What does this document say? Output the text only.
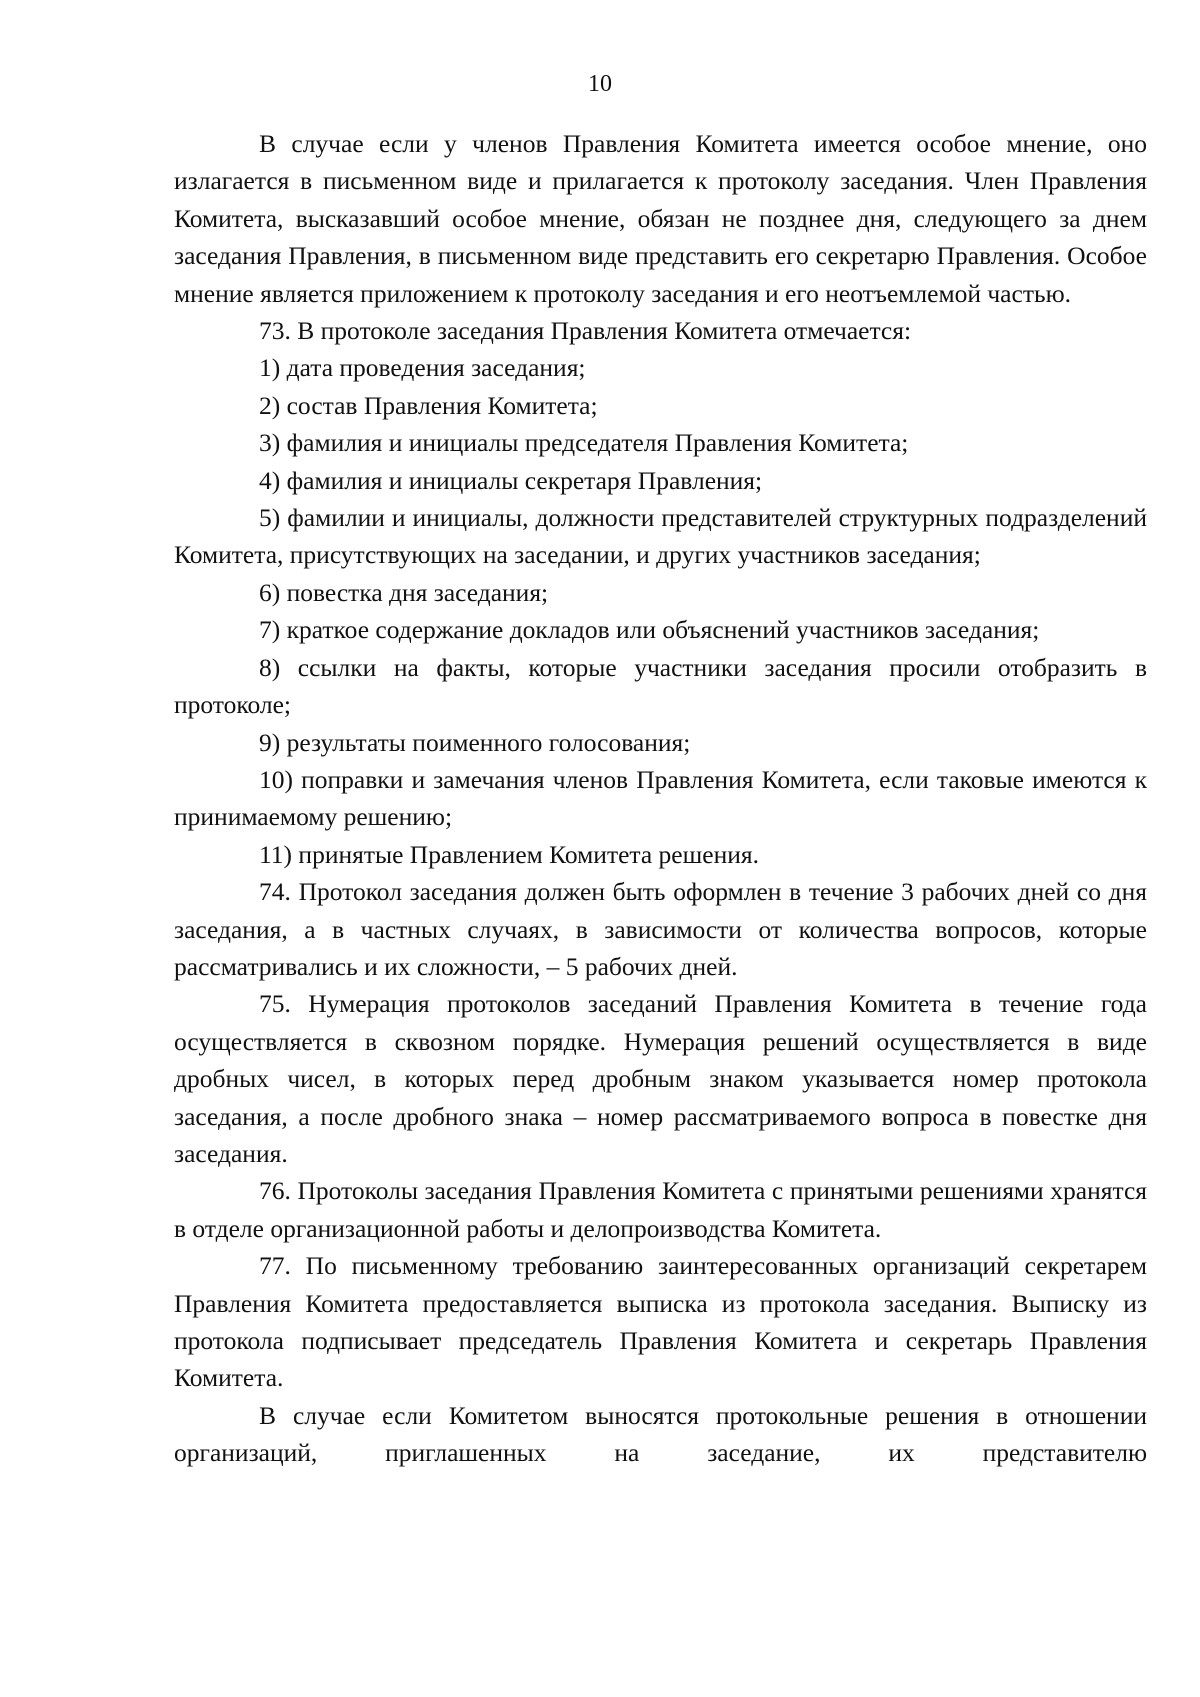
10

В случае если у членов Правления Комитета имеется особое мнение, оно излагается в письменном виде и прилагается к протоколу заседания. Член Правления Комитета, высказавший особое мнение, обязан не позднее дня, следующего за днем заседания Правления, в письменном виде представить его секретарю Правления. Особое мнение является приложением к протоколу заседания и его неотъемлемой частью.

73. В протоколе заседания Правления Комитета отмечается:

1) дата проведения заседания;

2) состав Правления Комитета;

3) фамилия и инициалы председателя Правления Комитета;

4) фамилия и инициалы секретаря Правления;

5) фамилии и инициалы, должности представителей структурных подразделений Комитета, присутствующих на заседании, и других участников заседания;

6) повестка дня заседания;

7) краткое содержание докладов или объяснений участников заседания;

8) ссылки на факты, которые участники заседания просили отобразить в протоколе;

9) результаты поименного голосования;

10) поправки и замечания членов Правления Комитета, если таковые имеются к принимаемому решению;

11) принятые Правлением Комитета решения.

74. Протокол заседания должен быть оформлен в течение 3 рабочих дней со дня заседания, а в частных случаях, в зависимости от количества вопросов, которые рассматривались и их сложности, – 5 рабочих дней.

75. Нумерация протоколов заседаний Правления Комитета в течение года осуществляется в сквозном порядке. Нумерация решений осуществляется в виде дробных чисел, в которых перед дробным знаком указывается номер протокола заседания, а после дробного знака – номер рассматриваемого вопроса в повестке дня заседания.

76. Протоколы заседания Правления Комитета с принятыми решениями хранятся в отделе организационной работы и делопроизводства Комитета.

77. По письменному требованию заинтересованных организаций секретарем Правления Комитета предоставляется выписка из протокола заседания. Выписку из протокола подписывает председатель Правления Комитета и секретарь Правления Комитета.

В случае если Комитетом выносятся протокольные решения в отношении организаций, приглашенных на заседание, их представителю
